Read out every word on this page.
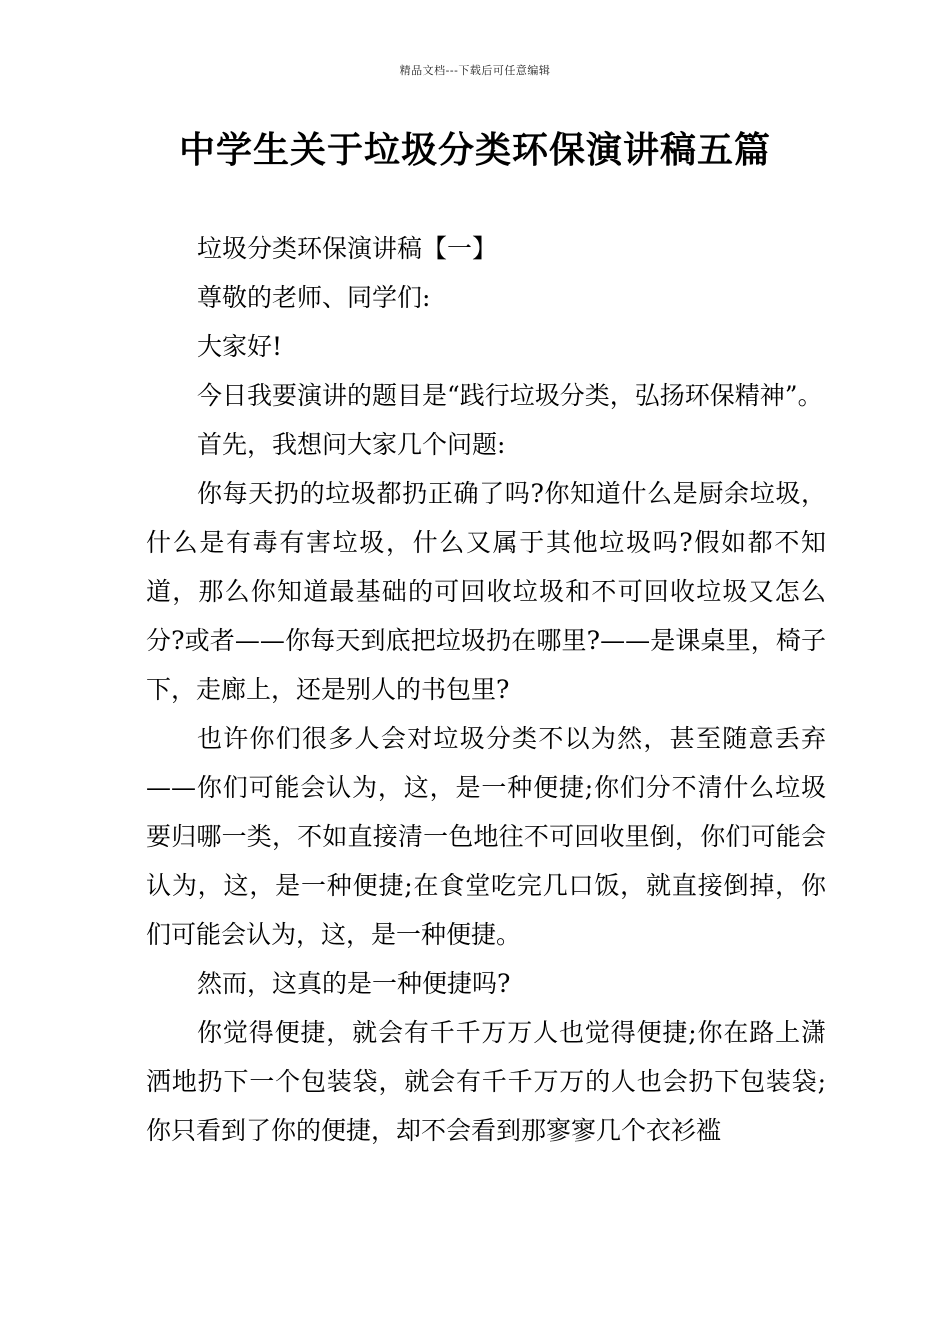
精品文档---下载后可任意编辑
中学生关于垃圾分类环保演讲稿五篇

垃圾分类环保演讲稿【一】

尊敬的老师、同学们:

大家好!

今日我要演讲的题目是“践行垃圾分类，弘扬环保精神”。

首先，我想问大家几个问题:

你每天扔的垃圾都扔正确了吗?你知道什么是厨余垃圾，什么是有毒有害垃圾，什么又属于其他垃圾吗?假如都不知道，那么你知道最基础的可回收垃圾和不可回收垃圾又怎么分?或者——你每天到底把垃圾扔在哪里?——是课桌里，椅子下，走廊上，还是别人的书包里?

也许你们很多人会对垃圾分类不以为然，甚至随意丢弃——你们可能会认为，这，是一种便捷;你们分不清什么垃圾要归哪一类，不如直接清一色地往不可回收里倒，你们可能会认为，这，是一种便捷;在食堂吃完几口饭，就直接倒掉，你们可能会认为，这，是一种便捷。

然而，这真的是一种便捷吗?

你觉得便捷，就会有千千万万人也觉得便捷;你在路上潇洒地扔下一个包装袋，就会有千千万万的人也会扔下包装袋;你只看到了你的便捷，却不会看到那寥寥几个衣衫褴
